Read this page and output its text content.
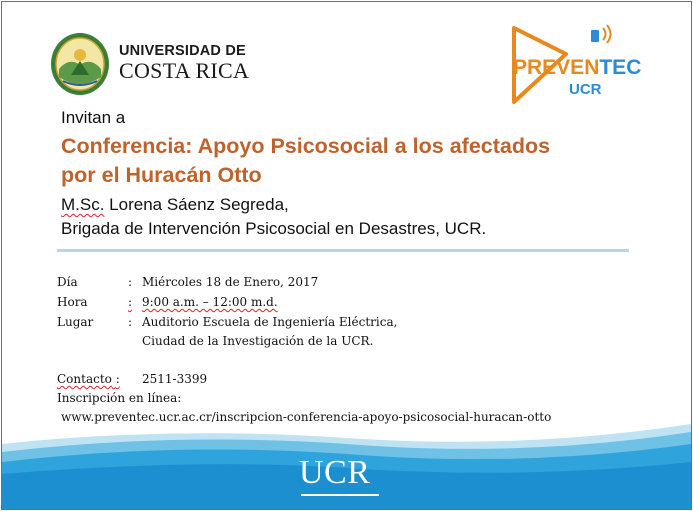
UNIVERSIDAD DE
COSTA RICA	PREVENTEC
UCR
Invitan a
Conferencia: Apoyo Psicosocial a los afectados por el Huracán Otto
M.Sc. Lorena Sáenz Segreda,
Brigada de Intervención Psicosocial en Desastres, UCR.
Día	: Miércoles 18 de Enero, 2017
Hora	: 9:00 a.m. – 12:00 m.d.
Lugar	: Auditorio Escuela de Ingeniería Eléctrica,
Ciudad de la Investigación de la UCR.
Contacto : 2511-3399
Inscripción en línea:
www.preventec.ucr.ac.cr/inscripcion-conferencia-apoyo-psicosocial-huracan-otto
UCR
